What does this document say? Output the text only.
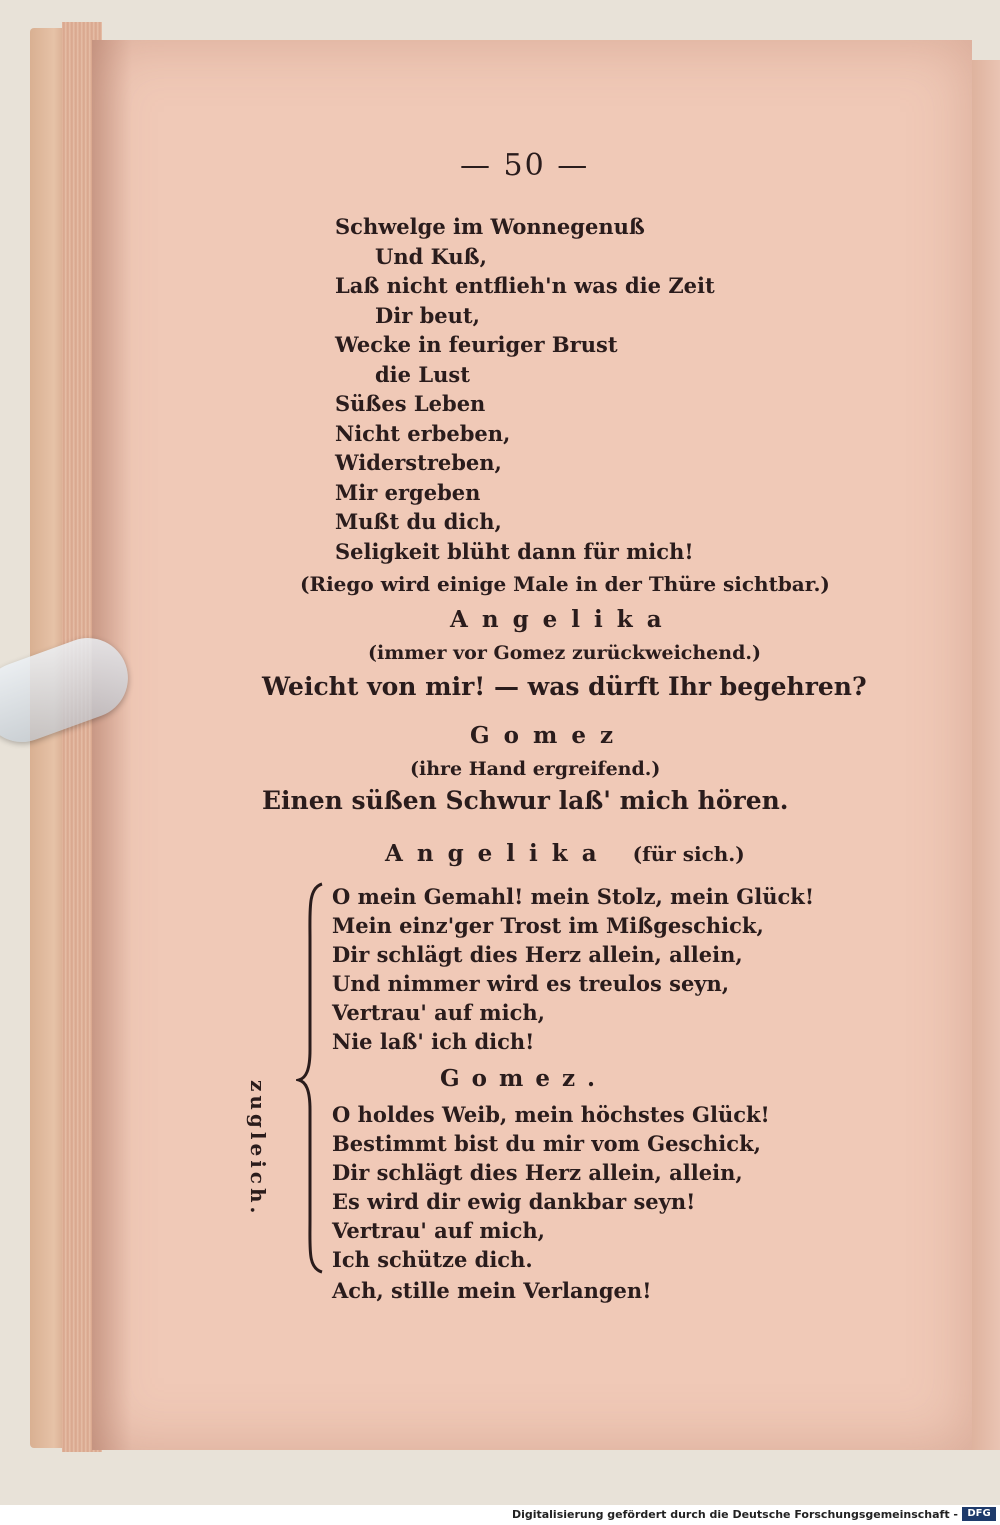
— 50 —
Schwelge im Wonnegenuß
Und Kuß,
Laß nicht entflieh'n was die Zeit
Dir beut,
Wecke in feuriger Brust
die Lust
Süßes Leben
Nicht erbeben,
Widerstreben,
Mir ergeben
Mußt du dich,
Seligkeit blüht dann für mich!
(Riego wird einige Male in der Thüre sichtbar.)
Angelika
(immer vor Gomez zurückweichend.)
Weicht von mir! — was dürft Ihr begehren?
Gomez
(ihre Hand ergreifend.)
Einen süßen Schwur laß' mich hören.
Angelika (für sich.)
zugleich.
O mein Gemahl! mein Stolz, mein Glück!
Mein einz'ger Trost im Mißgeschick,
Dir schlägt dies Herz allein, allein,
Und nimmer wird es treulos seyn,
Vertrau' auf mich,
Nie laß' ich dich!
Gomez.
O holdes Weib, mein höchstes Glück!
Bestimmt bist du mir vom Geschick,
Dir schlägt dies Herz allein, allein,
Es wird dir ewig dankbar seyn!
Vertrau' auf mich,
Ich schütze dich.
Ach, stille mein Verlangen!
Digitalisierung gefördert durch die Deutsche Forschungsgemeinschaft - DFG
